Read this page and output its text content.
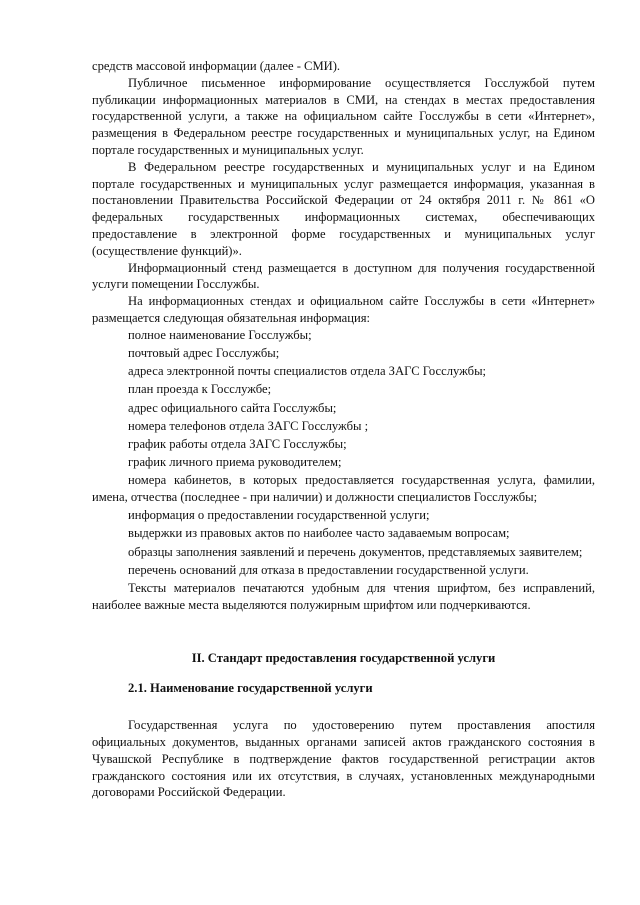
средств массовой информации (далее - СМИ).

Публичное письменное информирование осуществляется Госслужбой путем публикации информационных материалов в СМИ, на стендах в местах предоставления государственной услуги, а также на официальном сайте Госслужбы в сети «Интернет», размещения в Федеральном реестре государственных и муниципальных услуг, на Едином портале государственных и муниципальных услуг.

В Федеральном реестре государственных и муниципальных услуг и на Едином портале государственных и муниципальных услуг размещается информация, указанная в постановлении Правительства Российской Федерации от 24 октября 2011 г. № 861 «О федеральных государственных информационных системах, обеспечивающих предоставление в электронной форме государственных и муниципальных услуг (осуществление функций)».

Информационный стенд размещается в доступном для получения государственной услуги помещении Госслужбы.

На информационных стендах и официальном сайте Госслужбы в сети «Интернет» размещается следующая обязательная информация:

полное наименование Госслужбы;

почтовый адрес Госслужбы;

адреса электронной почты специалистов отдела ЗАГС Госслужбы;

план проезда к Госслужбе;

адрес официального сайта Госслужбы;

номера телефонов отдела ЗАГС Госслужбы ;

график работы отдела ЗАГС Госслужбы;

график личного приема руководителем;

номера кабинетов, в которых предоставляется государственная услуга, фамилии, имена, отчества (последнее - при наличии) и должности специалистов Госслужбы;

информация о предоставлении государственной услуги;

выдержки из правовых актов по наиболее часто задаваемым вопросам;

образцы заполнения заявлений и перечень документов, представляемых заявителем;

перечень оснований для отказа в предоставлении государственной услуги.

Тексты материалов печатаются удобным для чтения шрифтом, без исправлений, наиболее важные места выделяются полужирным шрифтом или подчеркиваются.

II. Стандарт предоставления государственной услуги

2.1. Наименование государственной услуги

Государственная услуга по удостоверению путем проставления апостиля официальных документов, выданных органами записей актов гражданского состояния в Чувашской Республике в подтверждение фактов государственной регистрации актов гражданского состояния или их отсутствия, в случаях, установленных международными договорами Российской Федерации.
